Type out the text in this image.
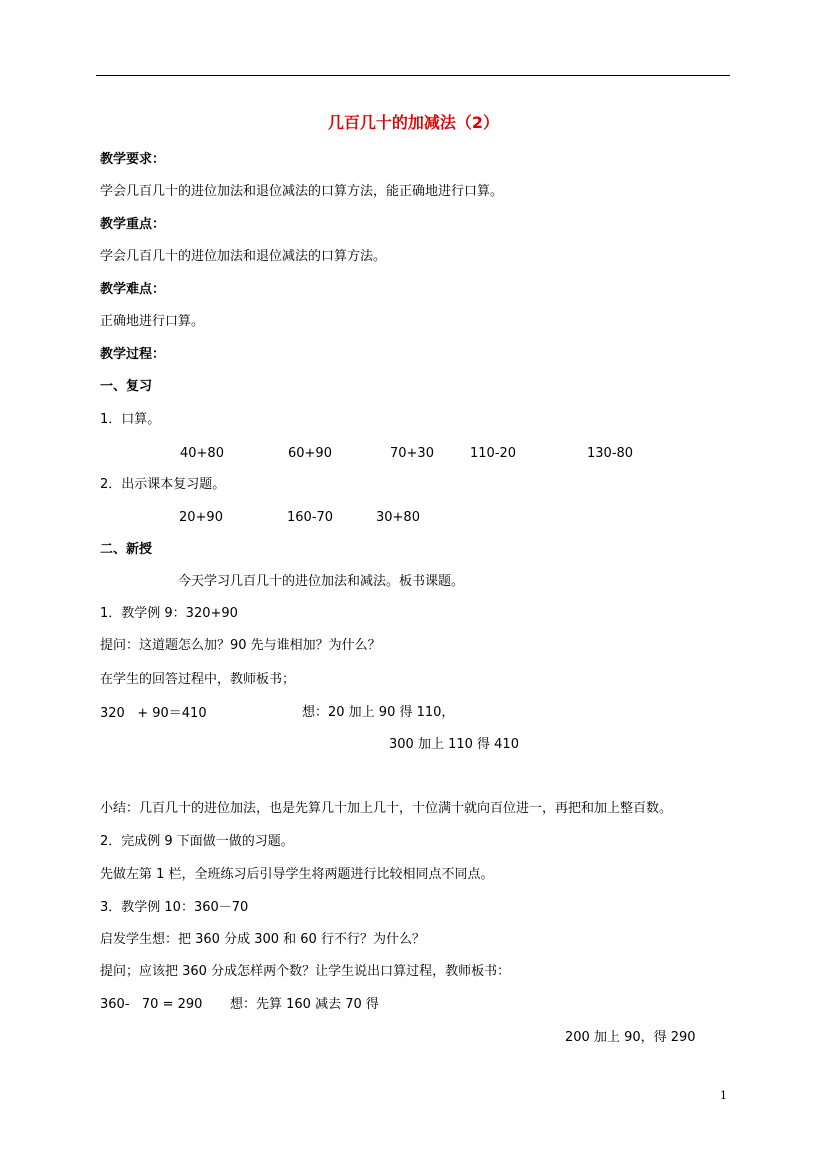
几百几十的加减法（2）
教学要求：
学会几百几十的进位加法和退位减法的口算方法，能正确地进行口算。
教学重点：
学会几百几十的进位加法和退位减法的口算方法。
教学难点：
正确地进行口算。
教学过程：
一、复习
1．口算。
40+80	60+90	70+30	110-20	130-80
2．出示课本复习题。
20+90	160-70	30+80
二、新授
今天学习几百几十的进位加法和减法。板书课题。
1．教学例 9：320+90
提问：这道题怎么加？90 先与谁相加？为什么？
在学生的回答过程中，教师板书；
320   + 90＝410	想：20 加上 90 得 110，
300 加上 110 得 410
小结：几百几十的进位加法，也是先算几十加上几十，十位满十就向百位进一，再把和加上整百数。
2．完成例 9 下面做一做的习题。
先做左第 1 栏，全班练习后引导学生将两题进行比较相同点不同点。
3．教学例 10：360－70
启发学生想：把 360 分成 300 和 60 行不行？为什么？
提问；应该把 360 分成怎样两个数？让学生说出口算过程，教师板书：
360-   70 = 290 想：先算 160 减去 70 得
200 加上 90，得 290
1
